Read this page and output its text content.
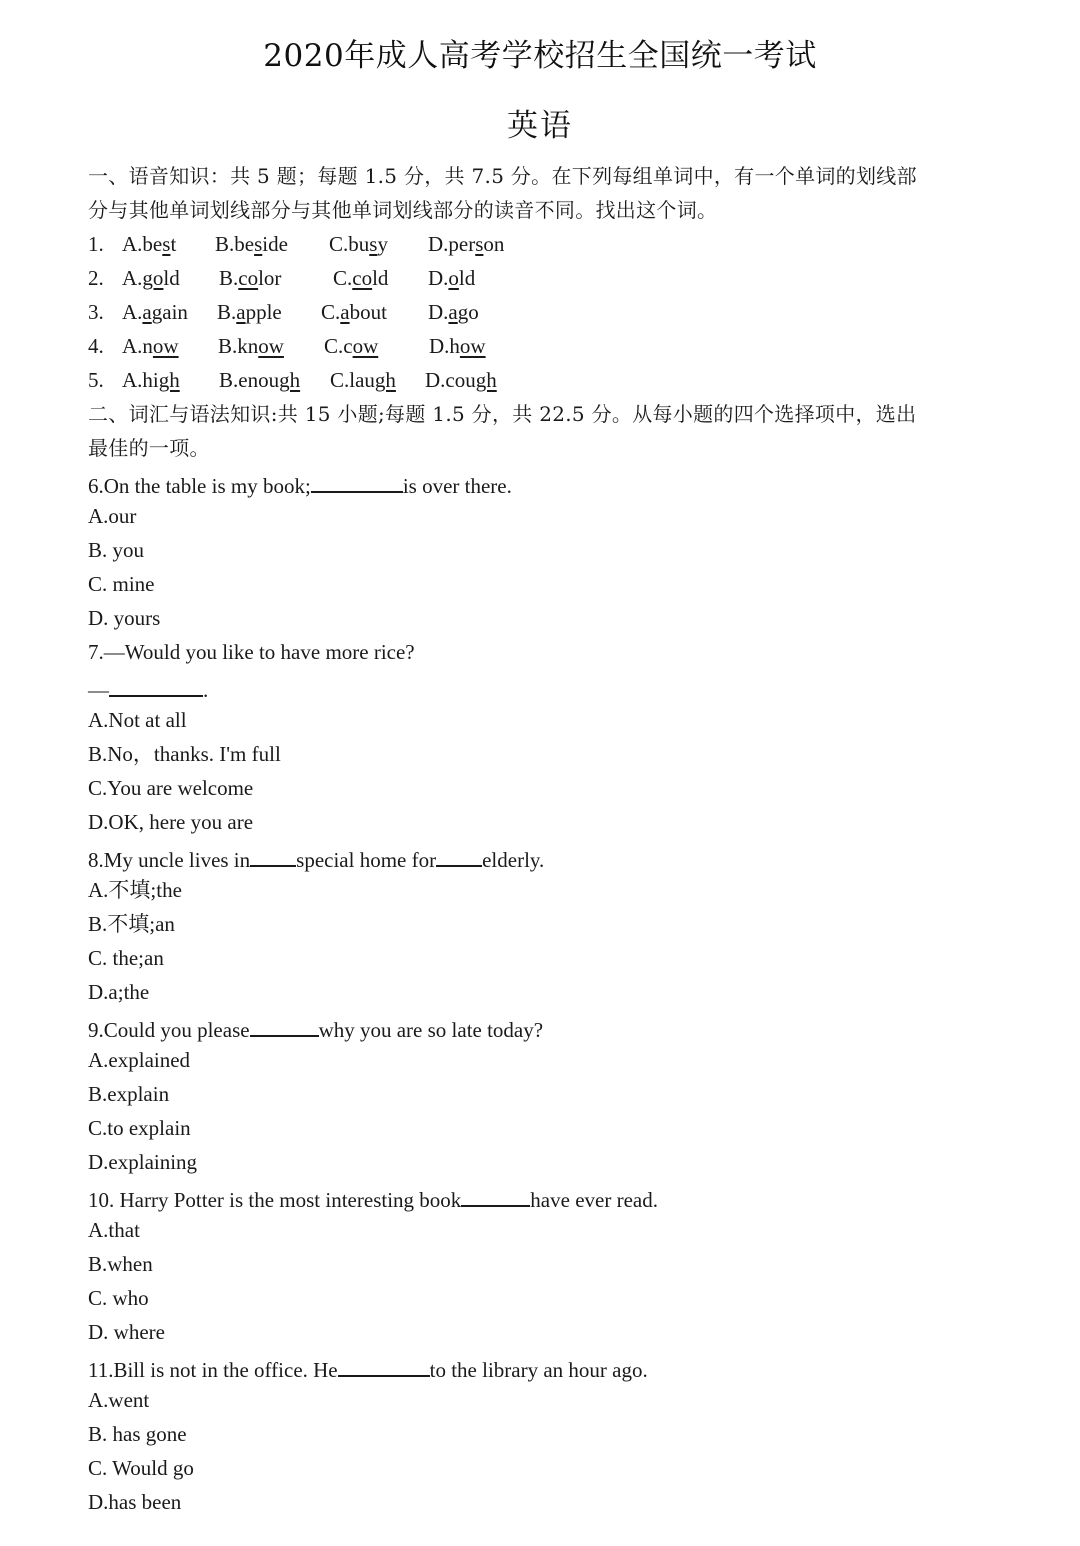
2020年成人高考学校招生全国统一考试
英语
一、语音知识：共 5 题；每题 1.5 分，共 7.5 分。在下列每组单词中，有一个单词的划线部
分与其他单词划线部分与其他单词划线部分的读音不同。找出这个词。
1. A.best B.beside C.busy D.person
2. A.gold B.color C.cold D.old
3. A.again B.apple C.about D.ago
4. A.now B.know C.cow D.how
5. A.high B.enough C.laugh D.cough
二、词汇与语法知识:共 15 小题;每题 1.5 分，共 22.5 分。从每小题的四个选择项中，选出
最佳的一项。
6.On the table is my book;	is over there.
A.our
B. you
C. mine
D. yours
7.—Would you like to have more rice?
—	.
A.Not at all
B.No，thanks. I'm full
C.You are welcome
D.OK, here you are
8.My uncle lives in special home for elderly.
A.不填;the
B.不填;an
C. the;an
D.a;the
9.Could you please	why you are so late today?
A.explained
B.explain
C.to explain
D.explaining
10. Harry Potter is the most interesting book	have ever read.
A.that
B.when
C. who
D. where
11.Bill is not in the office. He	to the library an hour ago.
A.went
B. has gone
C. Would go
D.has been
